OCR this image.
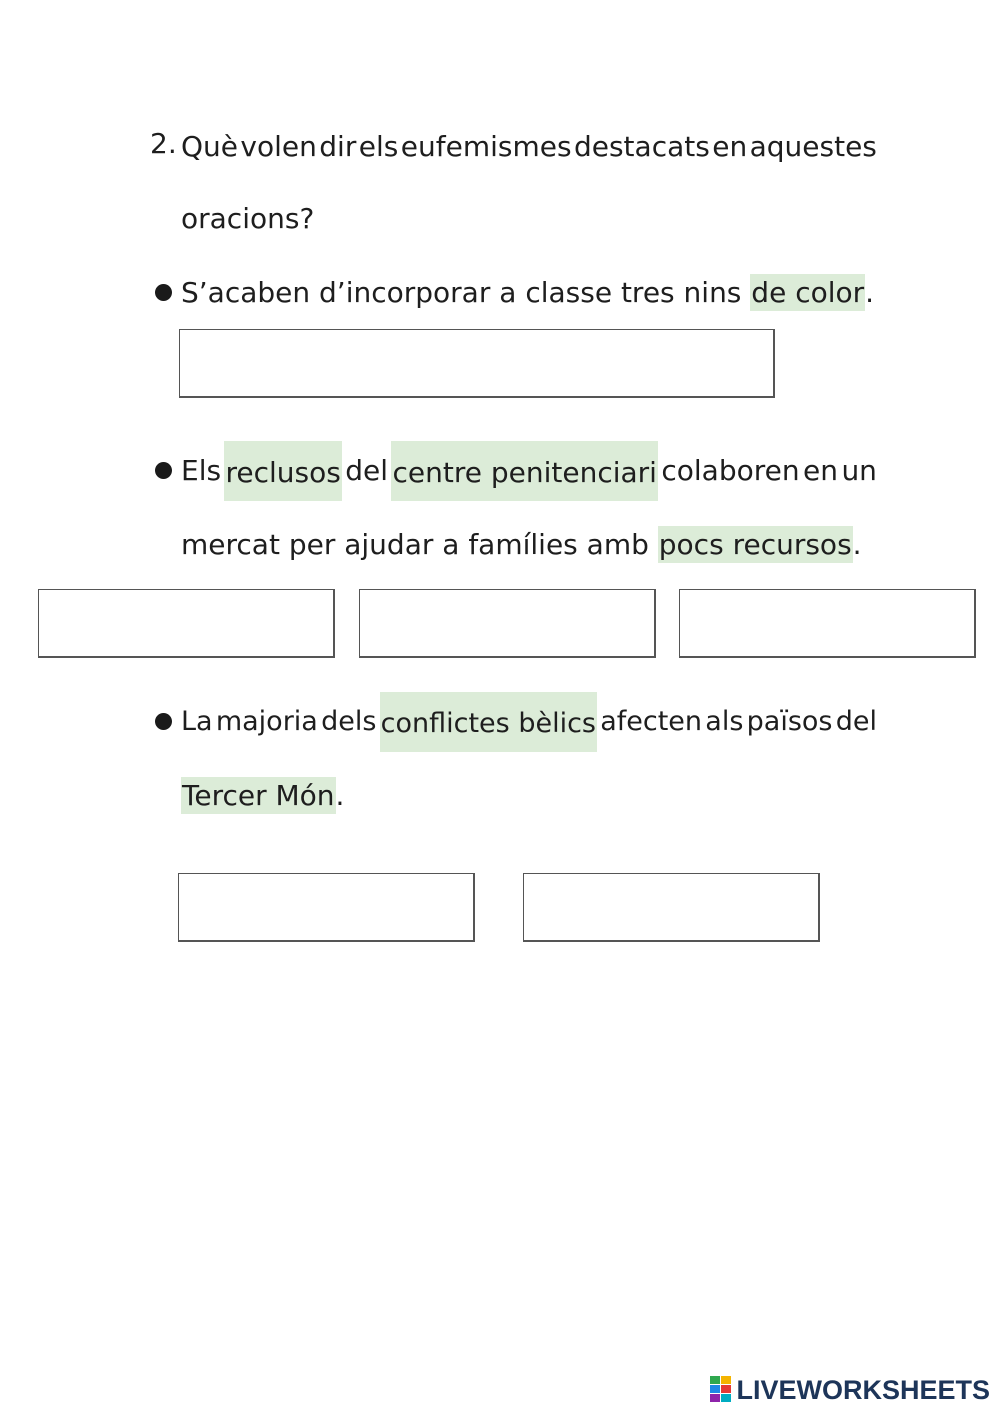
2. Què volen dir els eufemismes destacats en aquestes
oracions?
S’acaben d’incorporar a classe tres nins de color.
Els reclusos del centre penitenciari colaboren en un
mercat per ajudar a famílies amb pocs recursos.
La majoria dels conflictes bèlics afecten als països del
Tercer Món.
LIVEWORKSHEETS
